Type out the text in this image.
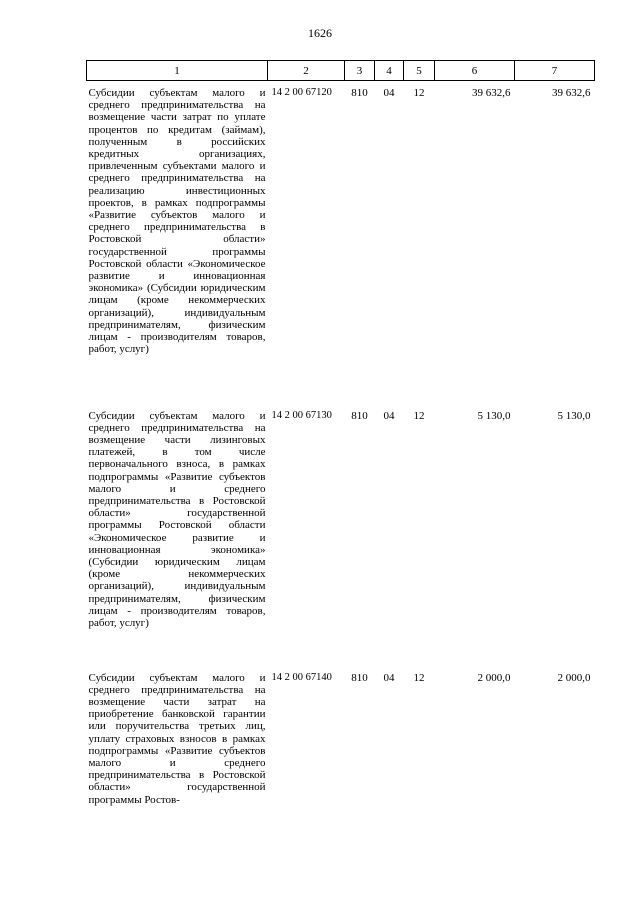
1626
1	2	3	4	5	6	7
Субсидии субъектам малого и среднего предпринимательства на возмещение части затрат по уплате процентов по кредитам (займам), полученным в российских кредитных организациях, привлеченным субъектами малого и среднего предпринимательства на реализацию инвестиционных проектов, в рамках подпрограммы «Развитие субъектов малого и среднего предпринимательства в Ростовской области» государственной программы Ростовской области «Экономическое развитие и инновационная экономика» (Субсидии юридическим лицам (кроме некоммерческих организаций), индивидуальным предпринимателям, физическим лицам - производителям товаров, работ, услуг)	14 2 00 67120	810	04	12	39 632,6	39 632,6
Субсидии субъектам малого и среднего предпринимательства на возмещение части лизинговых платежей, в том числе первоначального взноса, в рамках подпрограммы «Развитие субъектов малого и среднего предпринимательства в Ростовской области» государственной программы Ростовской области «Экономическое развитие и инновационная экономика» (Субсидии юридическим лицам (кроме некоммерческих организаций), индивидуальным предпринимателям, физическим лицам - производителям товаров, работ, услуг)	14 2 00 67130	810	04	12	5 130,0	5 130,0
Субсидии субъектам малого и среднего предпринимательства на возмещение части затрат на приобретение банковской гарантии или поручительства третьих лиц, уплату страховых взносов в рамках подпрограммы «Развитие субъектов малого и среднего предпринимательства в Ростовской области» государственной программы Ростов-	14 2 00 67140	810	04	12	2 000,0	2 000,0
